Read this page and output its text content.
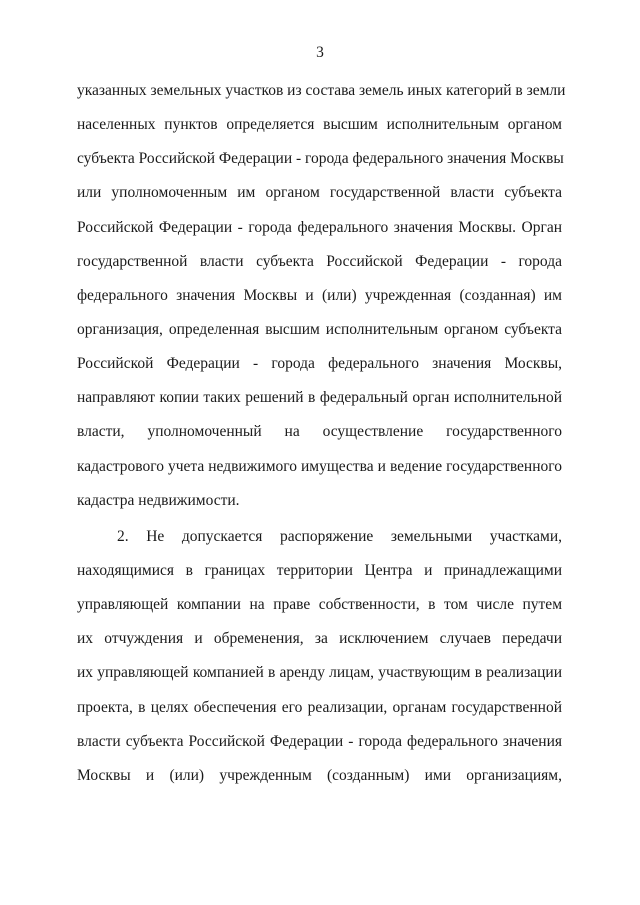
3
указанных земельных участков из состава земель иных категорий в земли
населенных пунктов определяется высшим исполнительным органом
субъекта Российской Федерации - города федерального значения Москвы
или уполномоченным им органом государственной власти субъекта
Российской Федерации - города федерального значения Москвы. Орган
государственной власти субъекта Российской Федерации - города
федерального значения Москвы и (или) учрежденная (созданная) им
организация, определенная высшим исполнительным органом субъекта
Российской Федерации - города федерального значения Москвы,
направляют копии таких решений в федеральный орган исполнительной
власти, уполномоченный на осуществление государственного
кадастрового учета недвижимого имущества и ведение государственного
кадастра недвижимости.
2. Не допускается распоряжение земельными участками,
находящимися в границах территории Центра и принадлежащими
управляющей компании на праве собственности, в том числе путем
их отчуждения и обременения, за исключением случаев передачи
их управляющей компанией в аренду лицам, участвующим в реализации
проекта, в целях обеспечения его реализации, органам государственной
власти субъекта Российской Федерации - города федерального значения
Москвы и (или) учрежденным (созданным) ими организациям,
